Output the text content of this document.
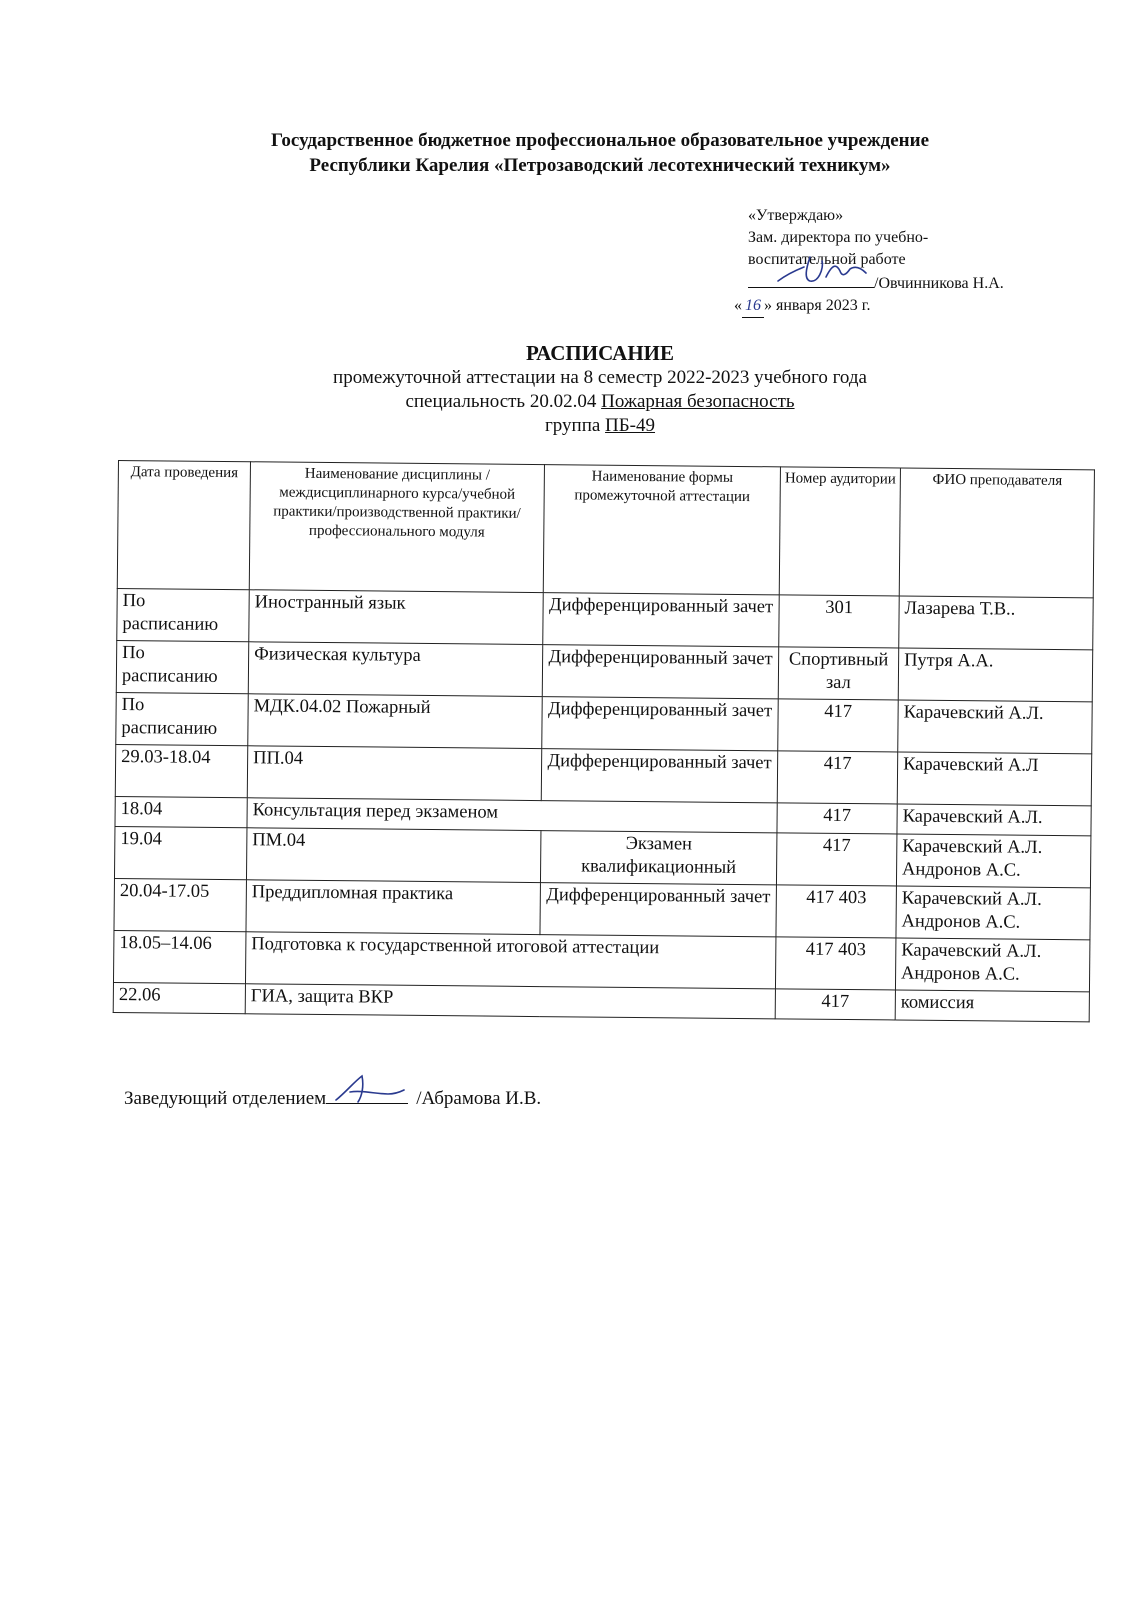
Государственное бюджетное профессиональное образовательное учреждение
Республики Карелия «Петрозаводский лесотехнический техникум»
«Утверждаю»
Зам. директора по учебно-
воспитательной работе
/Овчинникова Н.А.
« 16 » января 2023 г.
РАСПИСАНИЕ
промежуточной аттестации на 8 семестр 2022-2023 учебного года
специальность 20.02.04 Пожарная безопасность
группа ПБ-49
Дата проведения	Наименование дисциплины /междисциплинарного курса/учебной практики/производственной практики/профессионального модуля	Наименование формы промежуточной аттестации	Номер аудитории	ФИО преподавателя
По расписанию	Иностранный язык	Дифференцированный зачет	301	Лазарева Т.В..
По расписанию	Физическая культура	Дифференцированный зачет	Спортивный зал	Путря А.А.
По расписанию	МДК.04.02 Пожарный	Дифференцированный зачет	417	Карачевский А.Л.
29.03-18.04	ПП.04	Дифференцированный зачет	417	Карачевский А.Л
18.04	Консультация перед экзаменом		417	Карачевский А.Л.
19.04	ПМ.04	Экзамен квалификационный	417	Карачевский А.Л. Андронов А.С.
20.04-17.05	Преддипломная практика	Дифференцированный зачет	417 403	Карачевский А.Л. Андронов А.С.
18.05–14.06	Подготовка к государственной итоговой аттестации		417 403	Карачевский А.Л. Андронов А.С.
22.06	ГИА, защита ВКР		417	комиссия
Заведующий отделением	/Абрамова И.В.
